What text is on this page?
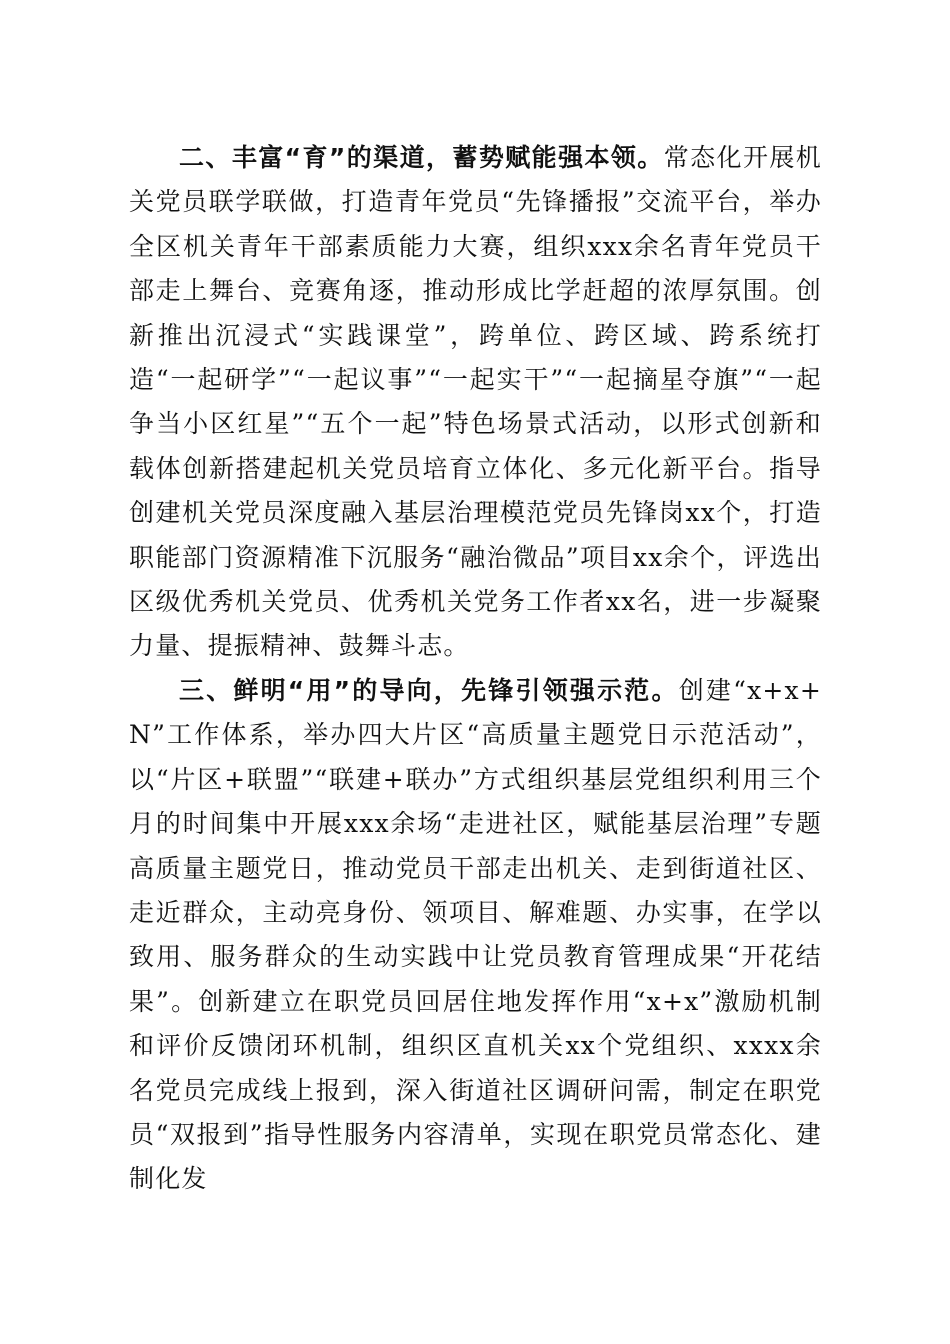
二、丰富“育”的渠道，蓄势赋能强本领。常态化开展机关党员联学联做，打造青年党员“先锋播报”交流平台，举办全区机关青年干部素质能力大赛，组织xxx余名青年党员干部走上舞台、竞赛角逐，推动形成比学赶超的浓厚氛围。创新推出沉浸式“实践课堂”，跨单位、跨区域、跨系统打造“一起研学”“一起议事”“一起实干”“一起摘星夺旗”“一起争当小区红星”“五个一起”特色场景式活动，以形式创新和载体创新搭建起机关党员培育立体化、多元化新平台。指导创建机关党员深度融入基层治理模范党员先锋岗xx个，打造职能部门资源精准下沉服务“融治微品”项目xx余个，评选出区级优秀机关党员、优秀机关党务工作者xx名，进一步凝聚力量、提振精神、鼓舞斗志。

三、鲜明“用”的导向，先锋引领强示范。创建“x+x+N”工作体系，举办四大片区“高质量主题党日示范活动”，以“片区+联盟”“联建+联办”方式组织基层党组织利用三个月的时间集中开展xxx余场“走进社区，赋能基层治理”专题高质量主题党日，推动党员干部走出机关、走到街道社区、走近群众，主动亮身份、领项目、解难题、办实事，在学以致用、服务群众的生动实践中让党员教育管理成果“开花结果”。创新建立在职党员回居住地发挥作用“x+x”激励机制和评价反馈闭环机制，组织区直机关xx个党组织、xxxx余名党员完成线上报到，深入街道社区调研问需，制定在职党员“双报到”指导性服务内容清单，实现在职党员常态化、建制化发
